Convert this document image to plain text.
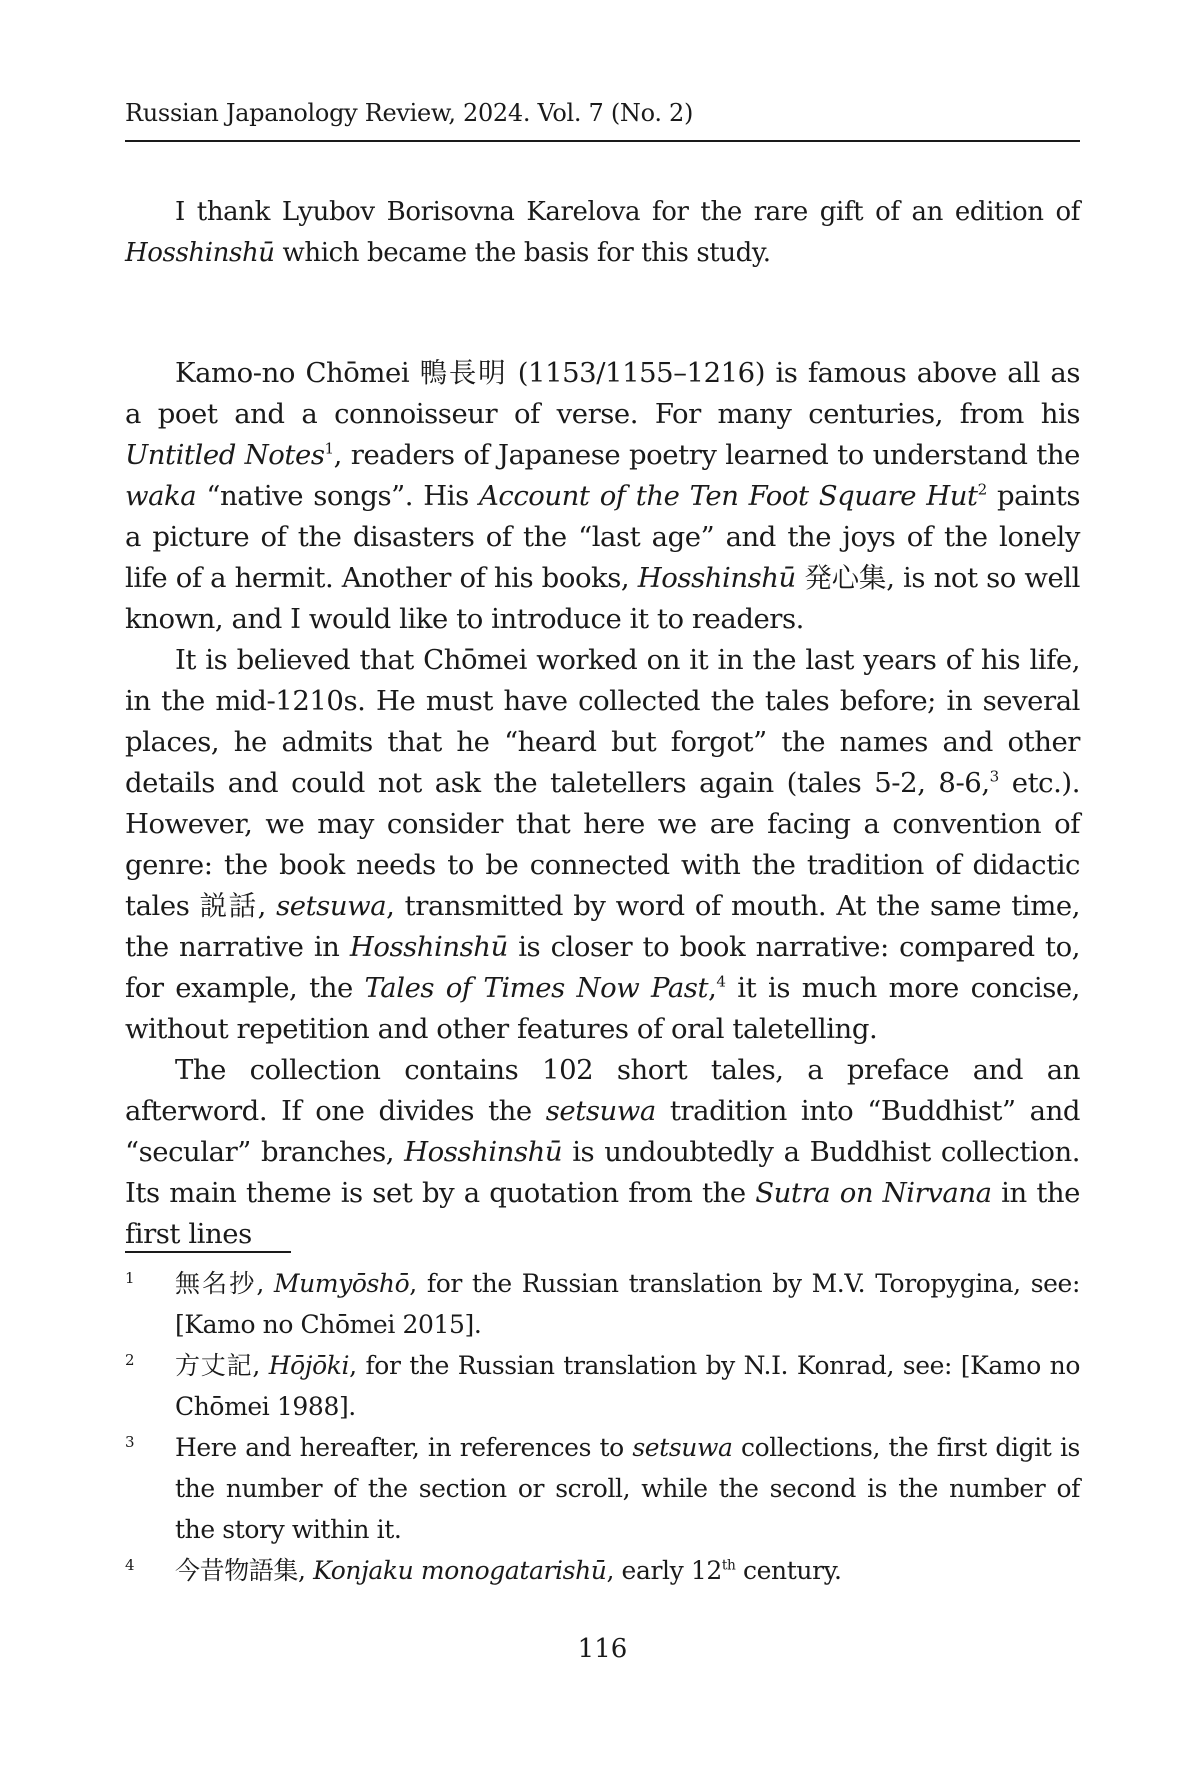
Russian Japanology Review, 2024. Vol. 7 (No. 2)
I thank Lyubov Borisovna Karelova for the rare gift of an edition of Hosshinshū which became the basis for this study.

Kamo-no Chōmei 鴨長明 (1153/1155–1216) is famous above all as a poet and a connoisseur of verse. For many centuries, from his Untitled Notes$^1$, readers of Japanese poetry learned to understand the waka “native songs”. His Account of the Ten Foot Square Hut$^2$ paints a picture of the disasters of the “last age” and the joys of the lonely life of a hermit. Another of his books, Hosshinshū 発心集, is not so well known, and I would like to introduce it to readers.

It is believed that Chōmei worked on it in the last years of his life, in the mid-1210s. He must have collected the tales before; in several places, he admits that he “heard but forgot” the names and other details and could not ask the taletellers again (tales 5-2, 8-6,$^3$ etc.). However, we may consider that here we are facing a convention of genre: the book needs to be connected with the tradition of didactic tales 説話, setsuwa, transmitted by word of mouth. At the same time, the narrative in Hosshinshū is closer to book narrative: compared to, for example, the Tales of Times Now Past,$^4$ it is much more concise, without repetition and other features of oral taletelling.

The collection contains 102 short tales, a preface and an afterword. If one divides the setsuwa tradition into “Buddhist” and “secular” branches, Hosshinshū is undoubtedly a Buddhist collection. Its main theme is set by a quotation from the Sutra on Nirvana in the first lines

1 無名抄, Mumyōshō, for the Russian translation by M.V. Toropygina, see: [Kamo no Chōmei 2015].
2 方丈記, Hōjōki, for the Russian translation by N.I. Konrad, see: [Kamo no Chōmei 1988].
3 Here and hereafter, in references to setsuwa collections, the first digit is the number of the section or scroll, while the second is the number of the story within it.
4 今昔物語集, Konjaku monogatarishū, early 12th century.
116
